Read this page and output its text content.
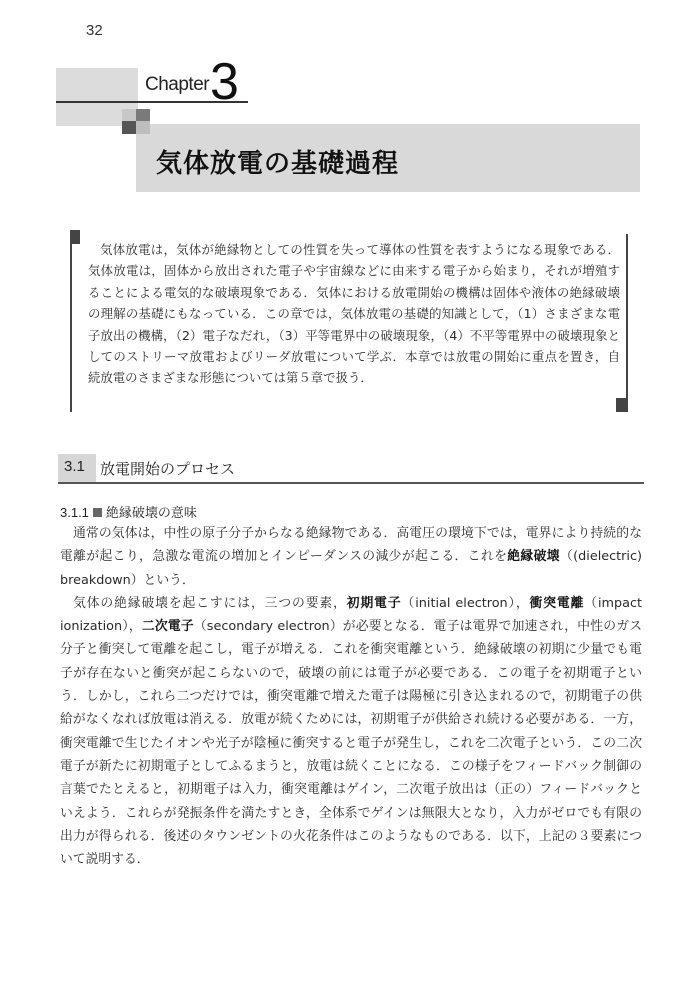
32
Chapter 3
気体放電の基礎過程

気体放電は，気体が絶縁物としての性質を失って導体の性質を表すようになる現象である．気体放電は，固体から放出された電子や宇宙線などに由来する電子から始まり，それが増殖することによる電気的な破壊現象である．気体における放電開始の機構は固体や液体の絶縁破壊の理解の基礎にもなっている．この章では，気体放電の基礎的知識として，（1）さまざまな電子放出の機構，（2）電子なだれ，（3）平等電界中の破壊現象，（4）不平等電界中の破壊現象としてのストリーマ放電およびリーダ放電について学ぶ．本章では放電の開始に重点を置き，自続放電のさまざまな形態については第５章で扱う．

3.1 放電開始のプロセス
3.1.1 絶縁破壊の意味

通常の気体は，中性の原子分子からなる絶縁物である．高電圧の環境下では，電界により持続的な電離が起こり，急激な電流の増加とインピーダンスの減少が起こる．これを絶縁破壊（(dielectric) breakdown）という．

気体の絶縁破壊を起こすには，三つの要素，初期電子（initial electron），衝突電離（impact ionization），二次電子（secondary electron）が必要となる．電子は電界で加速され，中性のガス分子と衝突して電離を起こし，電子が増える．これを衝突電離という．絶縁破壊の初期に少量でも電子が存在ないと衝突が起こらないので，破壊の前には電子が必要である．この電子を初期電子という．しかし，これら二つだけでは，衝突電離で増えた電子は陽極に引き込まれるので，初期電子の供給がなくなれば放電は消える．放電が続くためには，初期電子が供給され続ける必要がある．一方，衝突電離で生じたイオンや光子が陰極に衝突すると電子が発生し，これを二次電子という．この二次電子が新たに初期電子としてふるまうと，放電は続くことになる．この様子をフィードバック制御の言葉でたとえると，初期電子は入力，衝突電離はゲイン，二次電子放出は（正の）フィードバックといえよう．これらが発振条件を満たすとき，全体系でゲインは無限大となり，入力がゼロでも有限の出力が得られる．後述のタウンゼントの火花条件はこのようなものである．以下，上記の３要素について説明する．
